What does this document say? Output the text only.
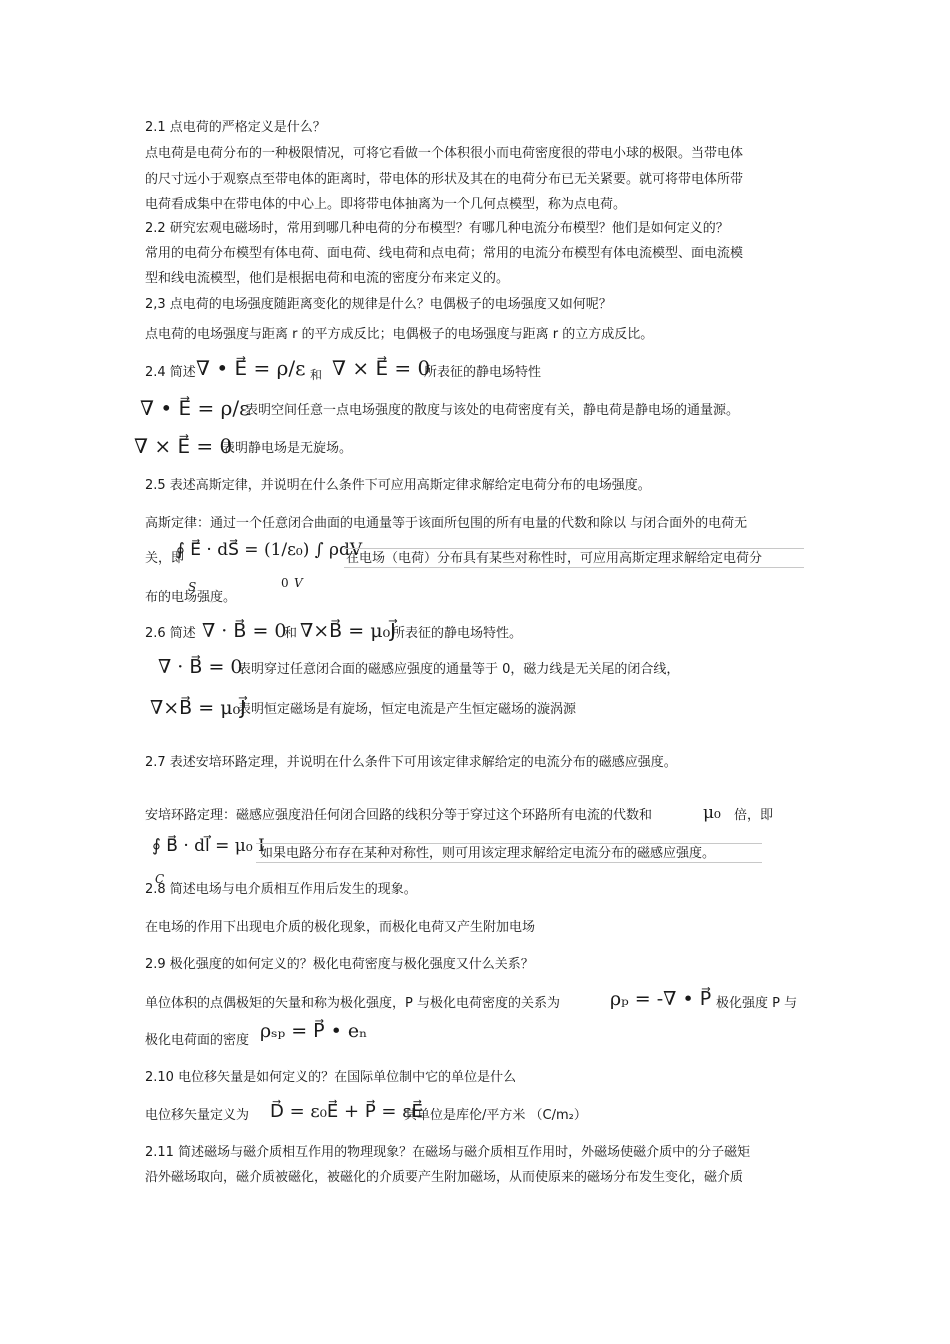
2.1 点电荷的严格定义是什么？
点电荷是电荷分布的一种极限情况，可将它看做一个体积很小而电荷密度很的带电小球的极限。当带电体
的尺寸远小于观察点至带电体的距离时，带电体的形状及其在的电荷分布已无关紧要。就可将带电体所带
电荷看成集中在带电体的中心上。即将带电体抽离为一个几何点模型，称为点电荷。
2.2 研究宏观电磁场时，常用到哪几种电荷的分布模型？有哪几种电流分布模型？他们是如何定义的？
常用的电荷分布模型有体电荷、面电荷、线电荷和点电荷；常用的电流分布模型有体电流模型、面电流模
型和线电流模型，他们是根据电荷和电流的密度分布来定义的。
2,3 点电荷的电场强度随距离变化的规律是什么？电偶极子的电场强度又如何呢？
点电荷的电场强度与距离 r 的平方成反比；电偶极子的电场强度与距离 r 的立方成反比。
2.4 简述 ∇ • E⃗ = ρ/ε 和 ∇ × E⃗ = 0
所表征的静电场特性
∇ • E⃗ = ρ/ε
表明空间任意一点电场强度的散度与该处的电荷密度有关，静电荷是静电场的通量源。
∇ × E⃗ = 0
表明静电场是无旋场。
2.5 表述高斯定律，并说明在什么条件下可应用高斯定律求解给定电荷分布的电场强度。
高斯定律：通过一个任意闭合曲面的电通量等于该面所包围的所有电量的代数和除以 与闭合面外的电荷无
关，即
∮ E⃗ · dS⃗ = (1/ε₀) ∫ ρdV
S	0 V
在电场（电荷）分布具有某些对称性时，可应用高斯定理求解给定电荷分
布的电场强度。
2.6 简述 ∇ · B⃗ = 0
和 ∇×B⃗ = μ₀J⃗
所表征的静电场特性。
∇ · B⃗ = 0
表明穿过任意闭合面的磁感应强度的通量等于 0，磁力线是无关尾的闭合线，
∇×B⃗ = μ₀J⃗
表明恒定磁场是有旋场，恒定电流是产生恒定磁场的漩涡源
2.7 表述安培环路定理，并说明在什么条件下可用该定律求解给定的电流分布的磁感应强度。
安培环路定理：磁感应强度沿任何闭合回路的线积分等于穿过这个环路所有电流的代数和	μ₀ 倍，即
∮ B⃗ · dl⃗ = μ₀ I
C
如果电路分布存在某种对称性，则可用该定理求解给定电流分布的磁感应强度。
2.8 简述电场与电介质相互作用后发生的现象。
在电场的作用下出现电介质的极化现象，而极化电荷又产生附加电场
2.9 极化强度的如何定义的？极化电荷密度与极化强度又什么关系？
单位体积的点偶极矩的矢量和称为极化强度，P 与极化电荷密度的关系为	ρₚ = -∇ • P⃗ 极化强度 P 与
极化电荷面的密度 ρₛₚ = P⃗ • eₙ
2.10 电位移矢量是如何定义的？在国际单位制中它的单位是什么
电位移矢量定义为 D⃗ = ε₀E⃗ + P⃗ = εE⃗
其单位是库伦/平方米 （C/m₂）
2.11 简述磁场与磁介质相互作用的物理现象？在磁场与磁介质相互作用时，外磁场使磁介质中的分子磁矩
沿外磁场取向，磁介质被磁化，被磁化的介质要产生附加磁场，从而使原来的磁场分布发生变化，磁介质
